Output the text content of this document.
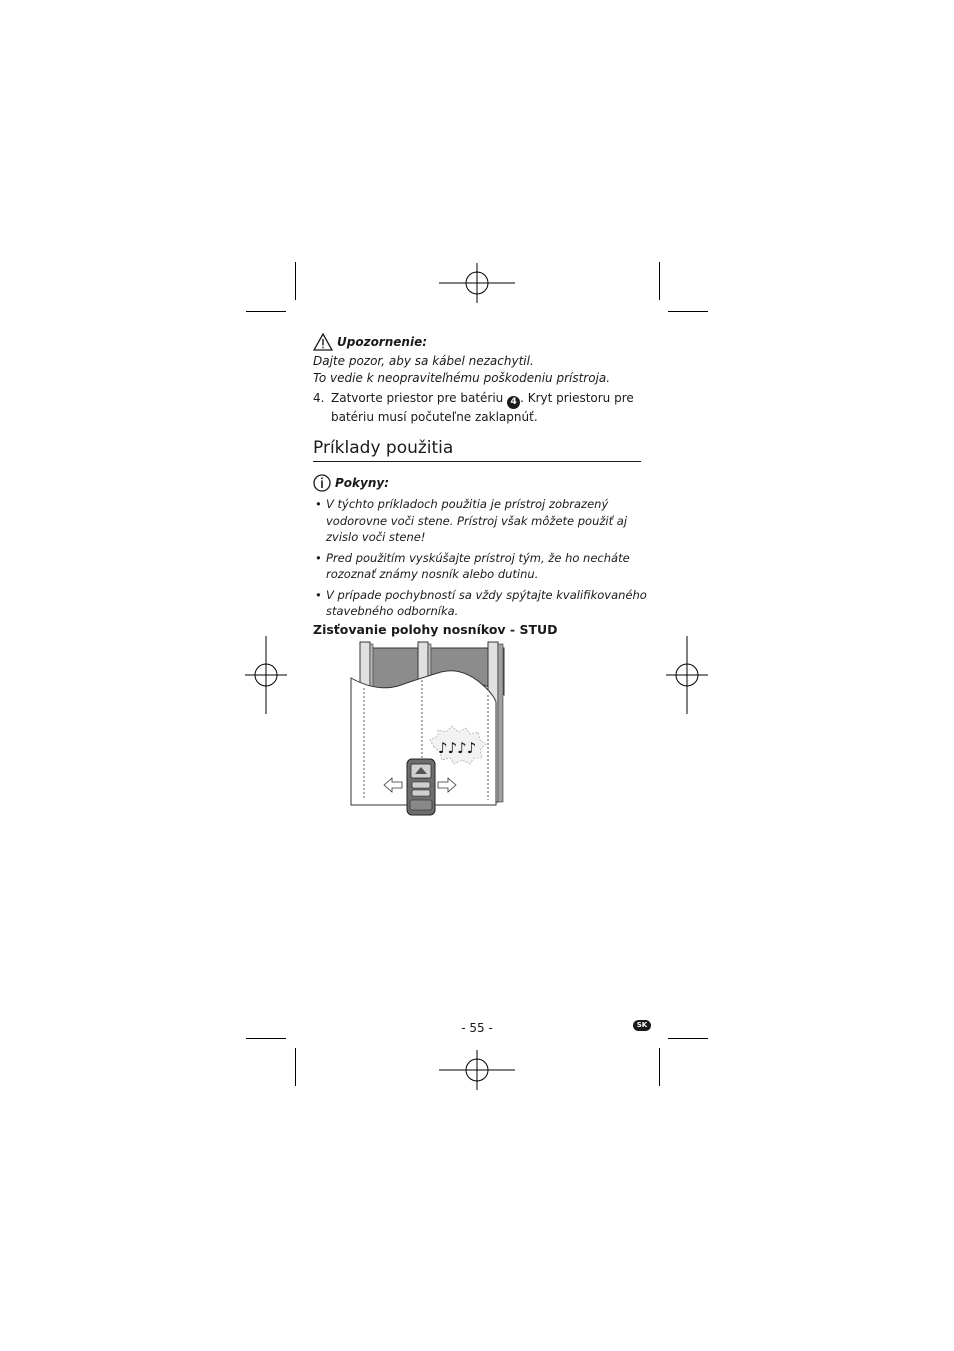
Upozornenie:
Dajte pozor, aby sa kábel nezachytil.
To vedie k neopraviteľnému poškodeniu prístroja.
4. Zatvorte priestor pre batériu 4 . Kryt priestoru pre batériu musí počuteľne zaklapnúť.
Príklady použitia
Pokyny:
• V týchto príkladoch použitia je prístroj zobrazený vodorovne voči stene. Prístroj však môžete použiť aj zvislo voči stene!
• Pred použitím vyskúšajte prístroj tým, že ho necháte rozoznať známy nosník alebo dutinu.
• V prípade pochybností sa vždy spýtajte kvalifikovaného stavebného odborníka.
Zisťovanie polohy nosníkov - STUD
♪♪♪♪
- 55 -	SK
